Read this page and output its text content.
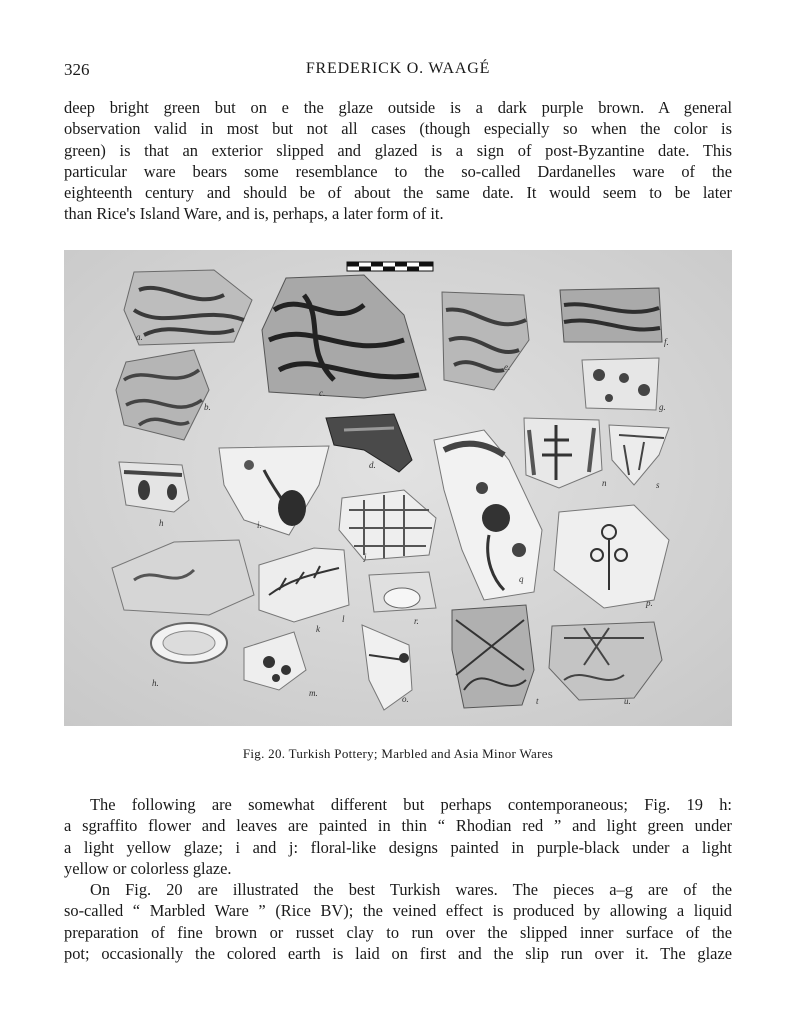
326	FREDERICK O. WAAGÉ

deep bright green but on e the glaze outside is a dark purple brown. A general
observation valid in most but not all cases (though especially so when the color is
green) is that an exterior slipped and glazed is a sign of post-Byzantine date. This
particular ware bears some resemblance to the so-called Dardanelles ware of the
eighteenth century and should be of about the same date. It would seem to be later
than Rice's Island Ware, and is, perhaps, a later form of it.

a.
b.
c.
e.
f.
g.
h	i.
d.
j
q
n	s
p.
k
r.
m.
o.	t	u.
h.
l
Fig. 20. Turkish Pottery; Marbled and Asia Minor Wares

The following are somewhat different but perhaps contemporaneous; Fig. 19 h:
a sgraffito flower and leaves are painted in thin “ Rhodian red ” and light green under
a light yellow glaze; i and j: floral-like designs painted in purple-black under a light
yellow or colorless glaze.

On Fig. 20 are illustrated the best Turkish wares. The pieces a–g are of the
so-called “ Marbled Ware ” (Rice BV); the veined effect is produced by allowing a liquid
preparation of fine brown or russet clay to run over the slipped inner surface of the
pot; occasionally the colored earth is laid on first and the slip run over it. The glaze
